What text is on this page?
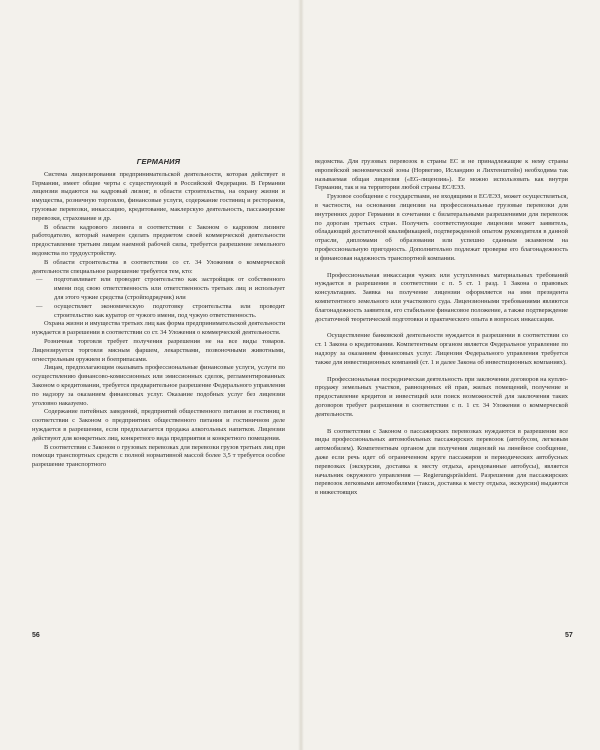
ГЕРМАНИЯ

Система лицензирования предпринимательской деятельности, которая действует в Германии, имеет общие черты с существующей в Российской Федерации. В Германии лицензии выдаются на кадровый лизинг, в области строительства, на охрану жизни и имущества, розничную торговлю, финансовые услуги, содержание гостиниц и ресторанов, грузовые перевозки, инкассацию, кредитование, маклерскую деятельность, пассажирские перевозки, страхование и др.

В области кадрового лизинга в соответствии с Законом о кадровом лизинге работодателю, который намерен сделать предметом своей коммерческой деятельности предоставление третьим лицам наемной рабочей силы, требуется разрешение земельного ведомства по трудоустройству.

В области строительства в соответствии со ст. 34 Уложения о коммерческой деятельности специальное разрешение требуется тем, кто:

— подготавливает или проводит строительство как застройщик от собственного имени под свою ответственность или ответственность третьих лиц и использует для этого чужие средства (стройподрядчик) или
— осуществляет экономическую подготовку строительства или проводит строительство как куратор от чужого имени, под чужую ответственность.

Охрана жизни и имущества третьих лиц как форма предпринимательской деятельности нуждается в разрешении в соответствии со ст. 34 Уложения о коммерческой деятельности.

Розничная торговля требует получения разрешения не на все виды товаров. Лицензируется торговля мясным фаршем, лекарствами, позвоночными животными, огнестрельным оружием и боеприпасами.

Лицам, предполагающим оказывать профессиональные финансовые услуги, услуги по осуществлению финансово-комиссионных или эмиссионных сделок, регламентированных Законом о кредитовании, требуется предварительное разрешение Федерального управления по надзору за оказанием финансовых услуг. Оказание подобных услуг без лицензии уголовно наказуемо.

Содержание питейных заведений, предприятий общественного питания и гостиниц в соответствии с Законом о предприятиях общественного питания и гостиничном деле нуждается в разрешении, если предполагается продажа алкогольных напитков. Лицензии действуют для конкретных лиц, конкретного вида предприятия и конкретного помещения.

В соответствии с Законом о грузовых перевозках для перевозки грузов третьих лиц при помощи транспортных средств с полной нормативной массой более 3,5 т требуется особое разрешение транспортного

56

ведомства. Для грузовых перевозок в страны ЕС и не принадлежащие к нему страны европейской экономической зоны (Норвегию, Исландию и Лихтенштейн) необходима так называемая общая лицензия («EG-лицензия»). Ее можно использовать как внутри Германии, так и на территории любой страны ЕС/ЕЭЗ.

Грузовое сообщение с государствами, не входящими в ЕС/ЕЭЗ, может осуществляться, в частности, на основании лицензии на профессиональные грузовые перевозки для внутренних дорог Германии в сочетании с билатеральными разрешениями для перевозок по дорогам третьих стран. Получить соответствующие лицензии может заявитель, обладающий достаточной квалификацией, подтвержденной опытом руководителя в данной отрасли, дипломами об образовании или успешно сданным экзаменом на профессиональную пригодность. Дополнительно подлежат проверке его благонадежность и финансовая надежность транспортной компании.

Профессиональная инкассация чужих или уступленных материальных требований нуждается в разрешении в соответствии с п. 5 ст. 1 разд. 1 Закона о правовых консультациях. Заявка на получение лицензии оформляется на имя президента компетентного земельного или участкового суда. Лицензионными требованиями являются благонадежность заявителя, его стабильное финансовое положение, а также подтверждение достаточной теоретической подготовки и практического опыта в вопросах инкассации.

Осуществление банковской деятельности нуждается в разрешении в соответствии со ст. 1 Закона о кредитовании. Компетентным органом является Федеральное управление по надзору за оказанием финансовых услуг. Лицензия Федерального управления требуется также для инвестиционных компаний (ст. 1 и далее Закона об инвестиционных компаниях).

Профессиональная посредническая деятельность при заключении договоров на куплю-продажу земельных участков, равноценных ей прав, жилых помещений, получение и предоставление кредитов и инвестиций или поиск возможностей для заключения таких договоров требует разрешения в соответствии с п. 1 ст. 34 Уложения о коммерческой деятельности.

В соответствии с Законом о пассажирских перевозках нуждаются в разрешении все виды профессиональных автомобильных пассажирских перевозок (автобусом, легковым автомобилем). Компетентным органом для получения лицензий на линейное сообщение, даже если речь идет об ограниченном круге пассажиров и периодических автобусных перевозках (экскурсии, доставка к месту отдыха, арендованные автобусы), является начальник окружного управления — Regierungspräsident. Разрешения для пассажирских перевозок легковыми автомобилями (такси, доставка к месту отдыха, экскурсии) выдаются в нижестоящих

57
